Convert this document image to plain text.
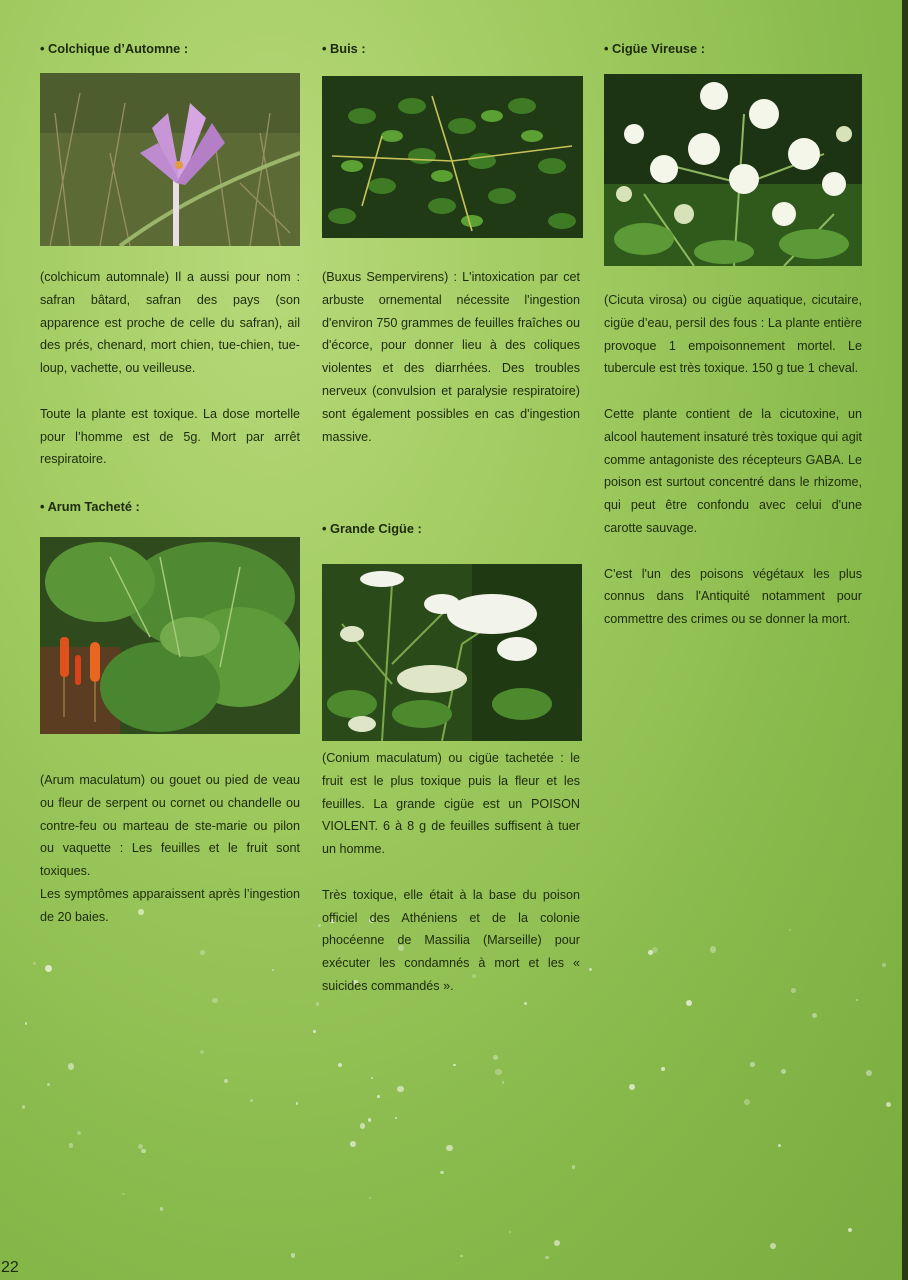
• Colchique d’Automne :

(colchicum automnale) Il a aussi pour nom : safran bâtard, safran des pays (son apparence est proche de celle du safran), ail des prés, chenard, mort chien, tue-chien, tue-loup, vachette, ou veilleuse.

Toute la plante est toxique. La dose mortelle pour l’homme est de 5g. Mort par arrêt respiratoire.

• Arum Tacheté :

(Arum maculatum) ou gouet ou pied de veau ou fleur de serpent ou cornet ou chandelle ou contre-feu ou marteau de ste-marie ou pilon ou vaquette : Les feuilles et le fruit sont toxiques.

Les symptômes apparaissent après l’ingestion de 20 baies.

• Buis :

(Buxus Sempervirens) : L'intoxication par cet arbuste ornemental nécessite l'ingestion d'environ 750 grammes de feuilles fraîches ou d'écorce, pour donner lieu à des coliques violentes et des diarrhées. Des troubles nerveux (convulsion et paralysie respiratoire) sont également possibles en cas d'ingestion massive.

• Grande Cigüe :

(Conium maculatum) ou cigüe tachetée : le fruit est le plus toxique puis la fleur et les feuilles. La grande cigüe est un POISON VIOLENT. 6 à 8 g de feuilles suffisent à tuer un homme.

Très toxique, elle était à la base du poison officiel des Athéniens et de la colonie phocéenne de Massilia (Marseille) pour exécuter les condamnés à mort et les « suicides commandés ».

• Cigüe Vireuse :

(Cicuta virosa) ou cigüe aquatique, cicutaire, cigüe d’eau, persil des fous : La plante entière provoque 1 empoisonnement mortel. Le tubercule est très toxique. 150 g tue 1 cheval.

Cette plante contient de la cicutoxine, un alcool hautement insaturé très toxique qui agit comme antagoniste des récepteurs GABA. Le poison est surtout concentré dans le rhizome, qui peut être confondu avec celui d'une carotte sauvage.

C'est l'un des poisons végétaux les plus connus dans l'Antiquité notamment pour commettre des crimes ou se donner la mort.

22
